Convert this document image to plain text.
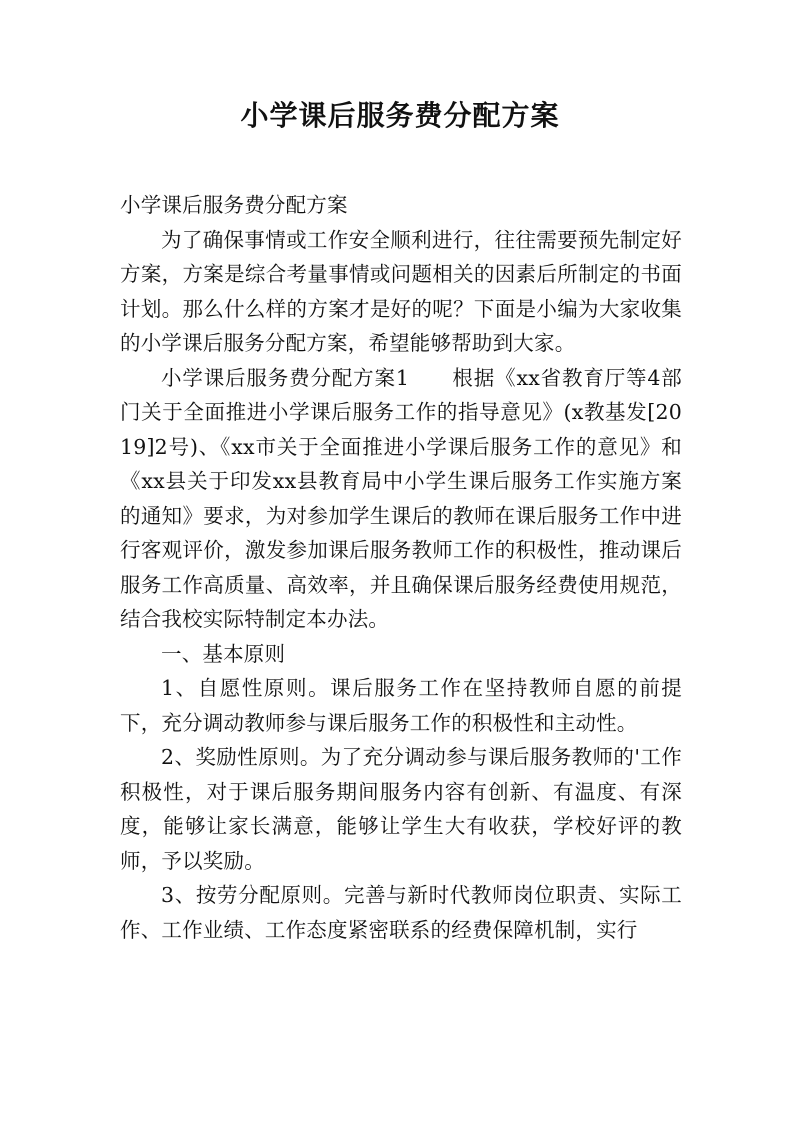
小学课后服务费分配方案

小学课后服务费分配方案

为了确保事情或工作安全顺利进行，往往需要预先制定好方案，方案是综合考量事情或问题相关的因素后所制定的书面计划。那么什么样的方案才是好的呢？下面是小编为大家收集的小学课后服务分配方案，希望能够帮助到大家。

小学课后服务费分配方案1　　根据《xx省教育厅等4部门关于全面推进小学课后服务工作的指导意见》(x教基发[2019]2号)、《xx市关于全面推进小学课后服务工作的意见》和《xx县关于印发xx县教育局中小学生课后服务工作实施方案的通知》要求，为对参加学生课后的教师在课后服务工作中进行客观评价，激发参加课后服务教师工作的积极性，推动课后服务工作高质量、高效率，并且确保课后服务经费使用规范，结合我校实际特制定本办法。

一、基本原则

1、自愿性原则。课后服务工作在坚持教师自愿的前提下，充分调动教师参与课后服务工作的积极性和主动性。

2、奖励性原则。为了充分调动参与课后服务教师的'工作积极性，对于课后服务期间服务内容有创新、有温度、有深度，能够让家长满意，能够让学生大有收获，学校好评的教师，予以奖励。

3、按劳分配原则。完善与新时代教师岗位职责、实际工作、工作业绩、工作态度紧密联系的经费保障机制，实行
